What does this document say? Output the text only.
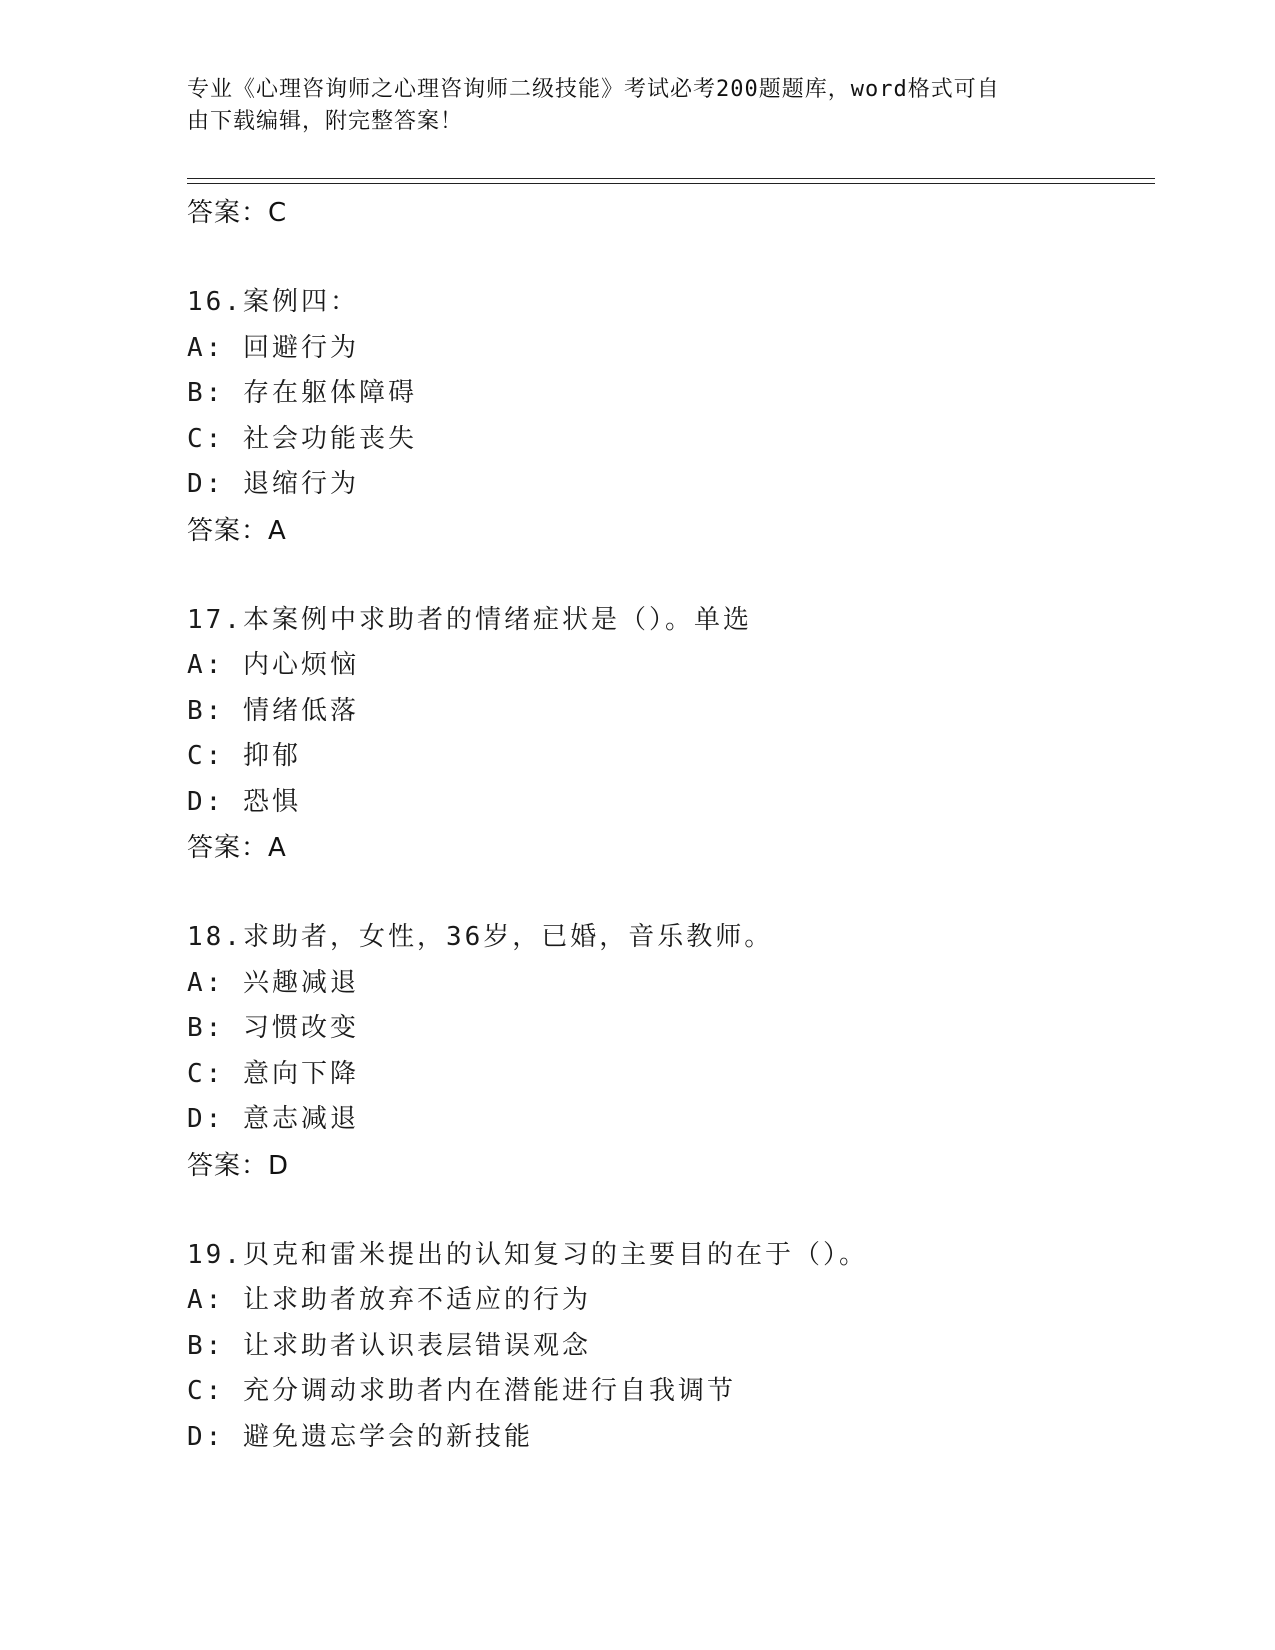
专业《心理咨询师之心理咨询师二级技能》考试必考200题题库，word格式可自
由下载编辑，附完整答案！
答案：C
16.案例四：
A: 回避行为
B: 存在躯体障碍
C: 社会功能丧失
D: 退缩行为
答案：A
17.本案例中求助者的情绪症状是（）。单选
A: 内心烦恼
B: 情绪低落
C: 抑郁
D: 恐惧
答案：A
18.求助者，女性，36岁，已婚，音乐教师。
A: 兴趣减退
B: 习惯改变
C: 意向下降
D: 意志减退
答案：D
19.贝克和雷米提出的认知复习的主要目的在于（）。
A: 让求助者放弃不适应的行为
B: 让求助者认识表层错误观念
C: 充分调动求助者内在潜能进行自我调节
D: 避免遗忘学会的新技能
